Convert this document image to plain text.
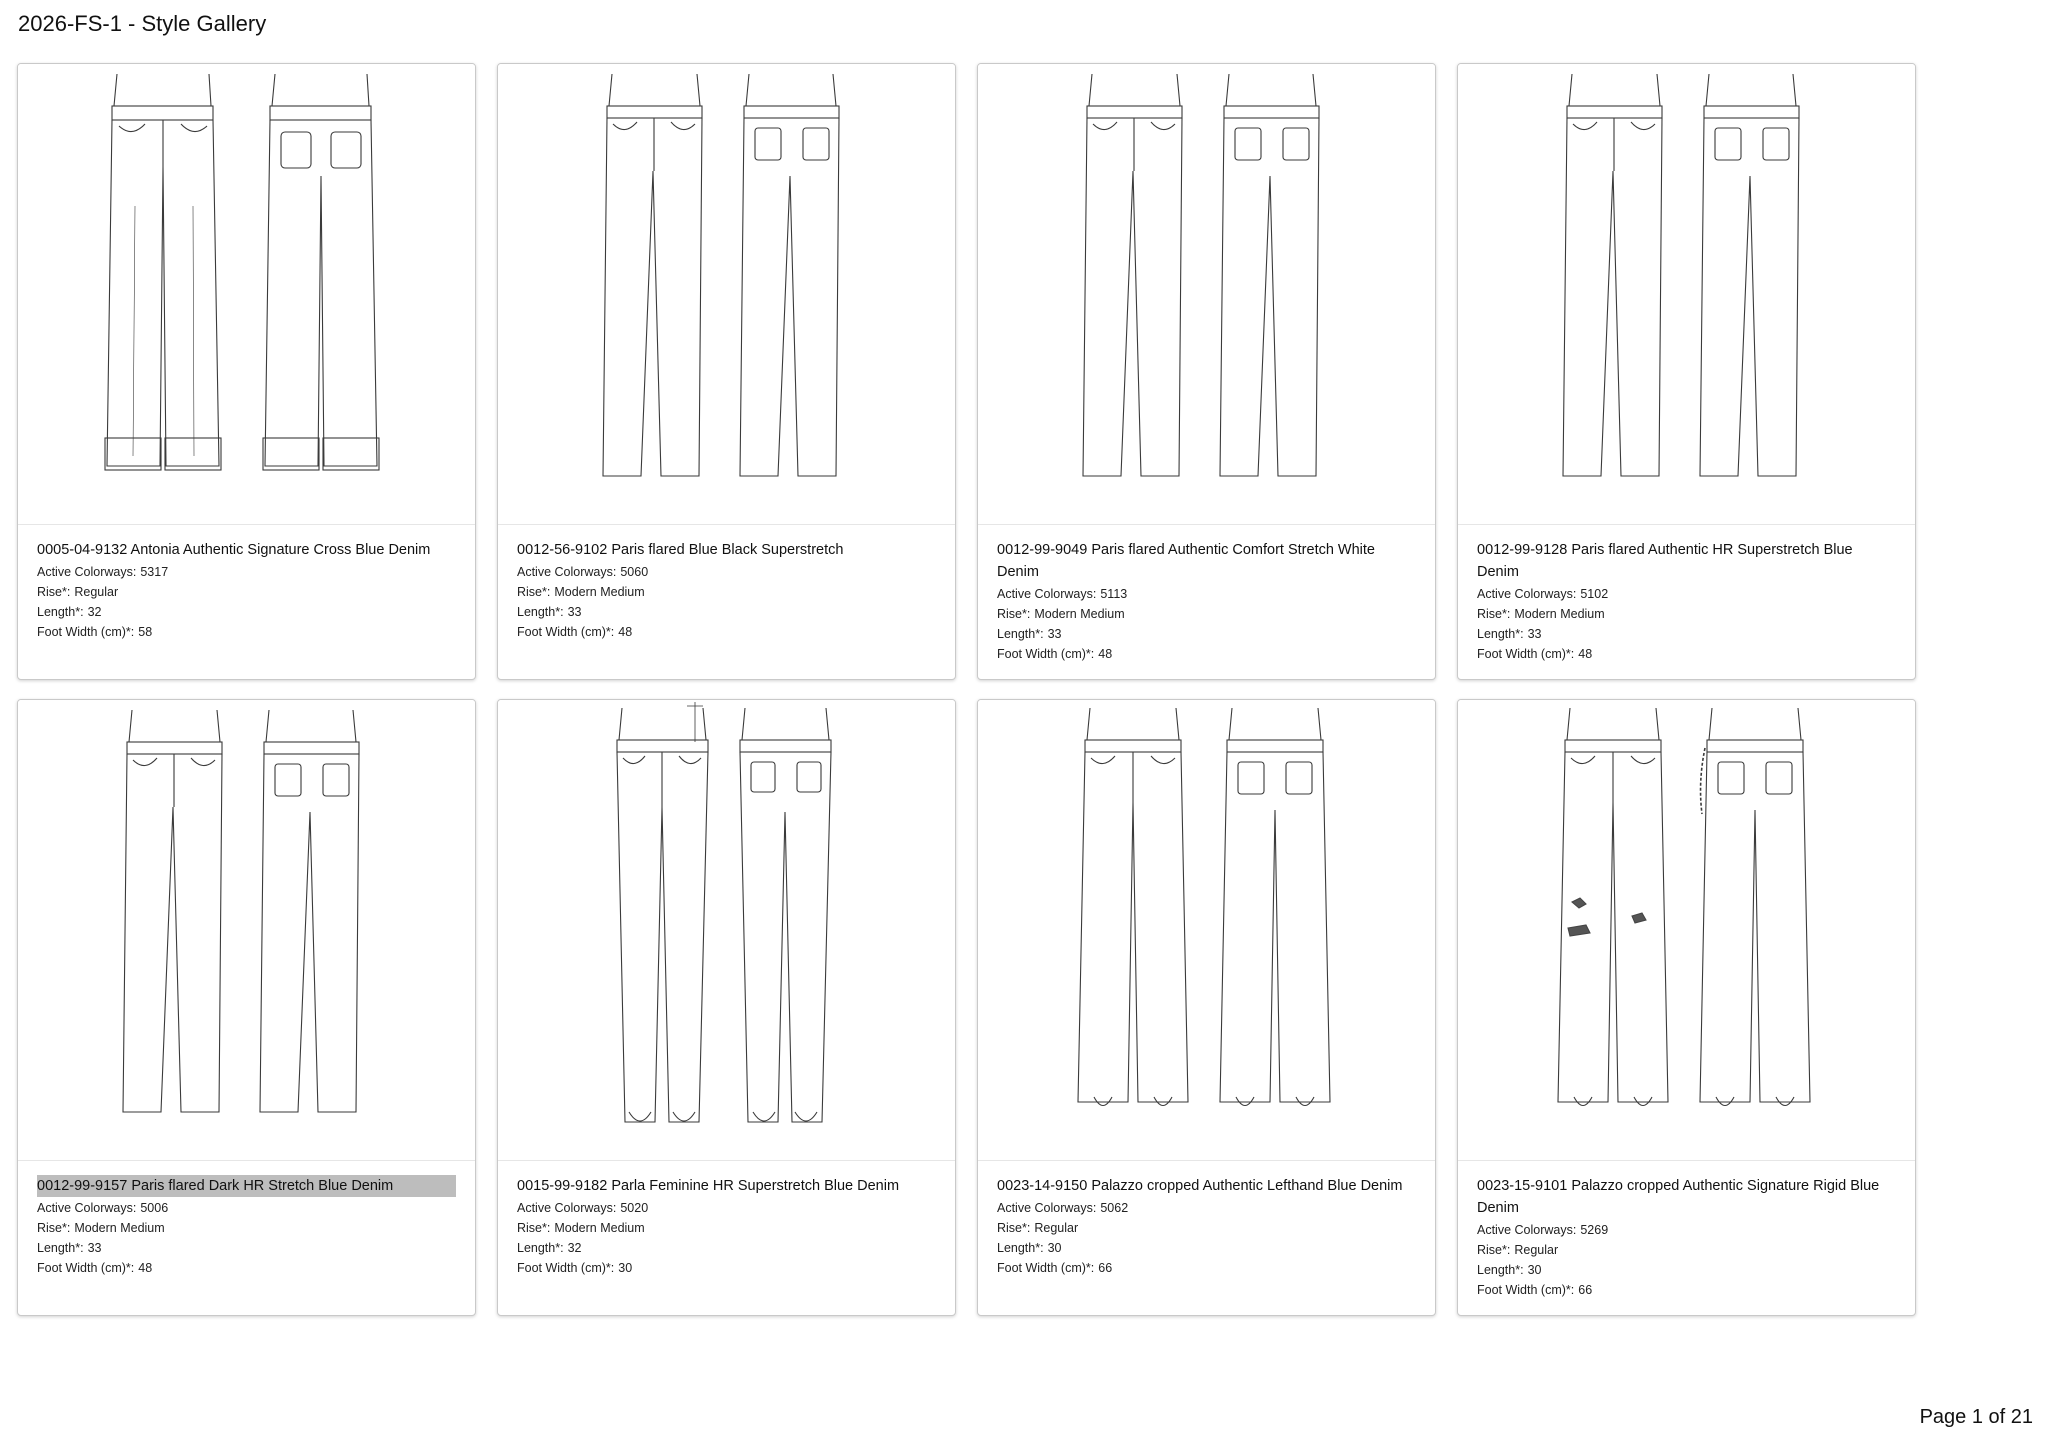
2026-FS-1 - Style Gallery
0005-04-9132 Antonia Authentic Signature Cross Blue Denim
Active Colorways: 5317
Rise*: Regular
Length*: 32
Foot Width (cm)*: 58
0012-56-9102 Paris flared Blue Black Superstretch
Active Colorways: 5060
Rise*: Modern Medium
Length*: 33
Foot Width (cm)*: 48
0012-99-9049 Paris flared Authentic Comfort Stretch White Denim
Active Colorways: 5113
Rise*: Modern Medium
Length*: 33
Foot Width (cm)*: 48
0012-99-9128 Paris flared Authentic HR Superstretch Blue Denim
Active Colorways: 5102
Rise*: Modern Medium
Length*: 33
Foot Width (cm)*: 48
0012-99-9157 Paris flared Dark HR Stretch Blue Denim
Active Colorways: 5006
Rise*: Modern Medium
Length*: 33
Foot Width (cm)*: 48
0015-99-9182 Parla Feminine HR Superstretch Blue Denim
Active Colorways: 5020
Rise*: Modern Medium
Length*: 32
Foot Width (cm)*: 30
0023-14-9150 Palazzo cropped Authentic Lefthand Blue Denim
Active Colorways: 5062
Rise*: Regular
Length*: 30
Foot Width (cm)*: 66
0023-15-9101 Palazzo cropped Authentic Signature Rigid Blue Denim
Active Colorways: 5269
Rise*: Regular
Length*: 30
Foot Width (cm)*: 66
Page 1 of 21
